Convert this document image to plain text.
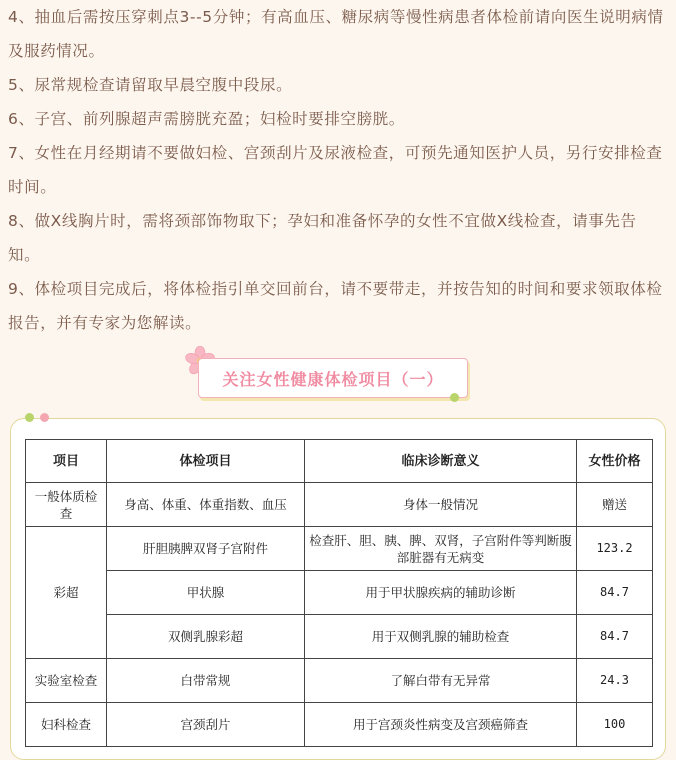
4、抽血后需按压穿刺点3--5分钟；有高血压、糖尿病等慢性病患者体检前请向医生说明病情及服药情况。

5、尿常规检查请留取早晨空腹中段尿。

6、子宫、前列腺超声需膀胱充盈；妇检时要排空膀胱。

7、女性在月经期请不要做妇检、宫颈刮片及尿液检查，可预先通知医护人员，另行安排检查时间。

8、做X线胸片时，需将颈部饰物取下；孕妇和准备怀孕的女性不宜做X线检查，请事先告知。

9、体检项目完成后，将体检指引单交回前台，请不要带走，并按告知的时间和要求领取体检报告，并有专家为您解读。

关注女性健康体检项目（一）
项目	体检项目	临床诊断意义	女性价格
一般体质检查	身高、体重、体重指数、血压	身体一般情况	赠送
彩超	肝胆胰脾双肾子宫附件	检查肝、胆、胰、脾、双肾，子宫附件等判断腹部脏器有无病变	123.2
	甲状腺	用于甲状腺疾病的辅助诊断	84.7
	双侧乳腺彩超	用于双侧乳腺的辅助检查	84.7
实验室检查	白带常规	了解白带有无异常	24.3
妇科检查	宫颈刮片	用于宫颈炎性病变及宫颈癌筛查	100
